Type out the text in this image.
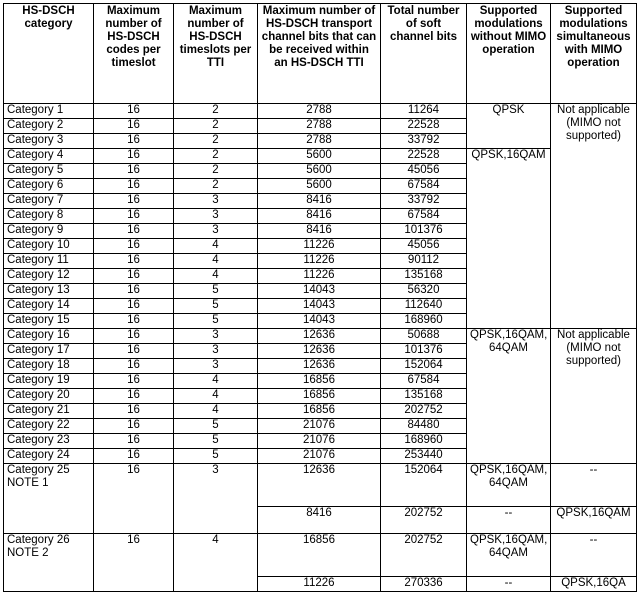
HS-DSCH category	Maximum number of HS-DSCH codes per timeslot	Maximum number of HS-DSCH timeslots per TTI	Maximum number of HS-DSCH transport channel bits that can be received within an HS-DSCH TTI	Total number of soft channel bits	Supported modulations without MIMO operation	Supported modulations simultaneous with MIMO operation
Category 1	16	2	2788	11264	QPSK	Not applicable (MIMO not supported)
Category 2	16	2	2788	22528		
Category 3	16	2	2788	33792		
Category 4	16	2	5600	22528	QPSK,16QAM	
Category 5	16	2	5600	45056		
Category 6	16	2	5600	67584		
Category 7	16	3	8416	33792		
Category 8	16	3	8416	67584		
Category 9	16	3	8416	101376		
Category 10	16	4	11226	45056		
Category 11	16	4	11226	90112		
Category 12	16	4	11226	135168		
Category 13	16	5	14043	56320		
Category 14	16	5	14043	112640		
Category 15	16	5	14043	168960		
Category 16	16	3	12636	50688	QPSK,16QAM, 64QAM	Not applicable (MIMO not supported)
Category 17	16	3	12636	101376		
Category 18	16	3	12636	152064		
Category 19	16	4	16856	67584		
Category 20	16	4	16856	135168		
Category 21	16	4	16856	202752		
Category 22	16	5	21076	84480		
Category 23	16	5	21076	168960		
Category 24	16	5	21076	253440		
Category 25
NOTE 1	16	3	12636	152064	QPSK,16QAM, 64QAM	--
			8416	202752	--	QPSK,16QAM
Category 26
NOTE 2	16	4	16856	202752	QPSK,16QAM, 64QAM	--
			11226	270336	--	QPSK,16QA
